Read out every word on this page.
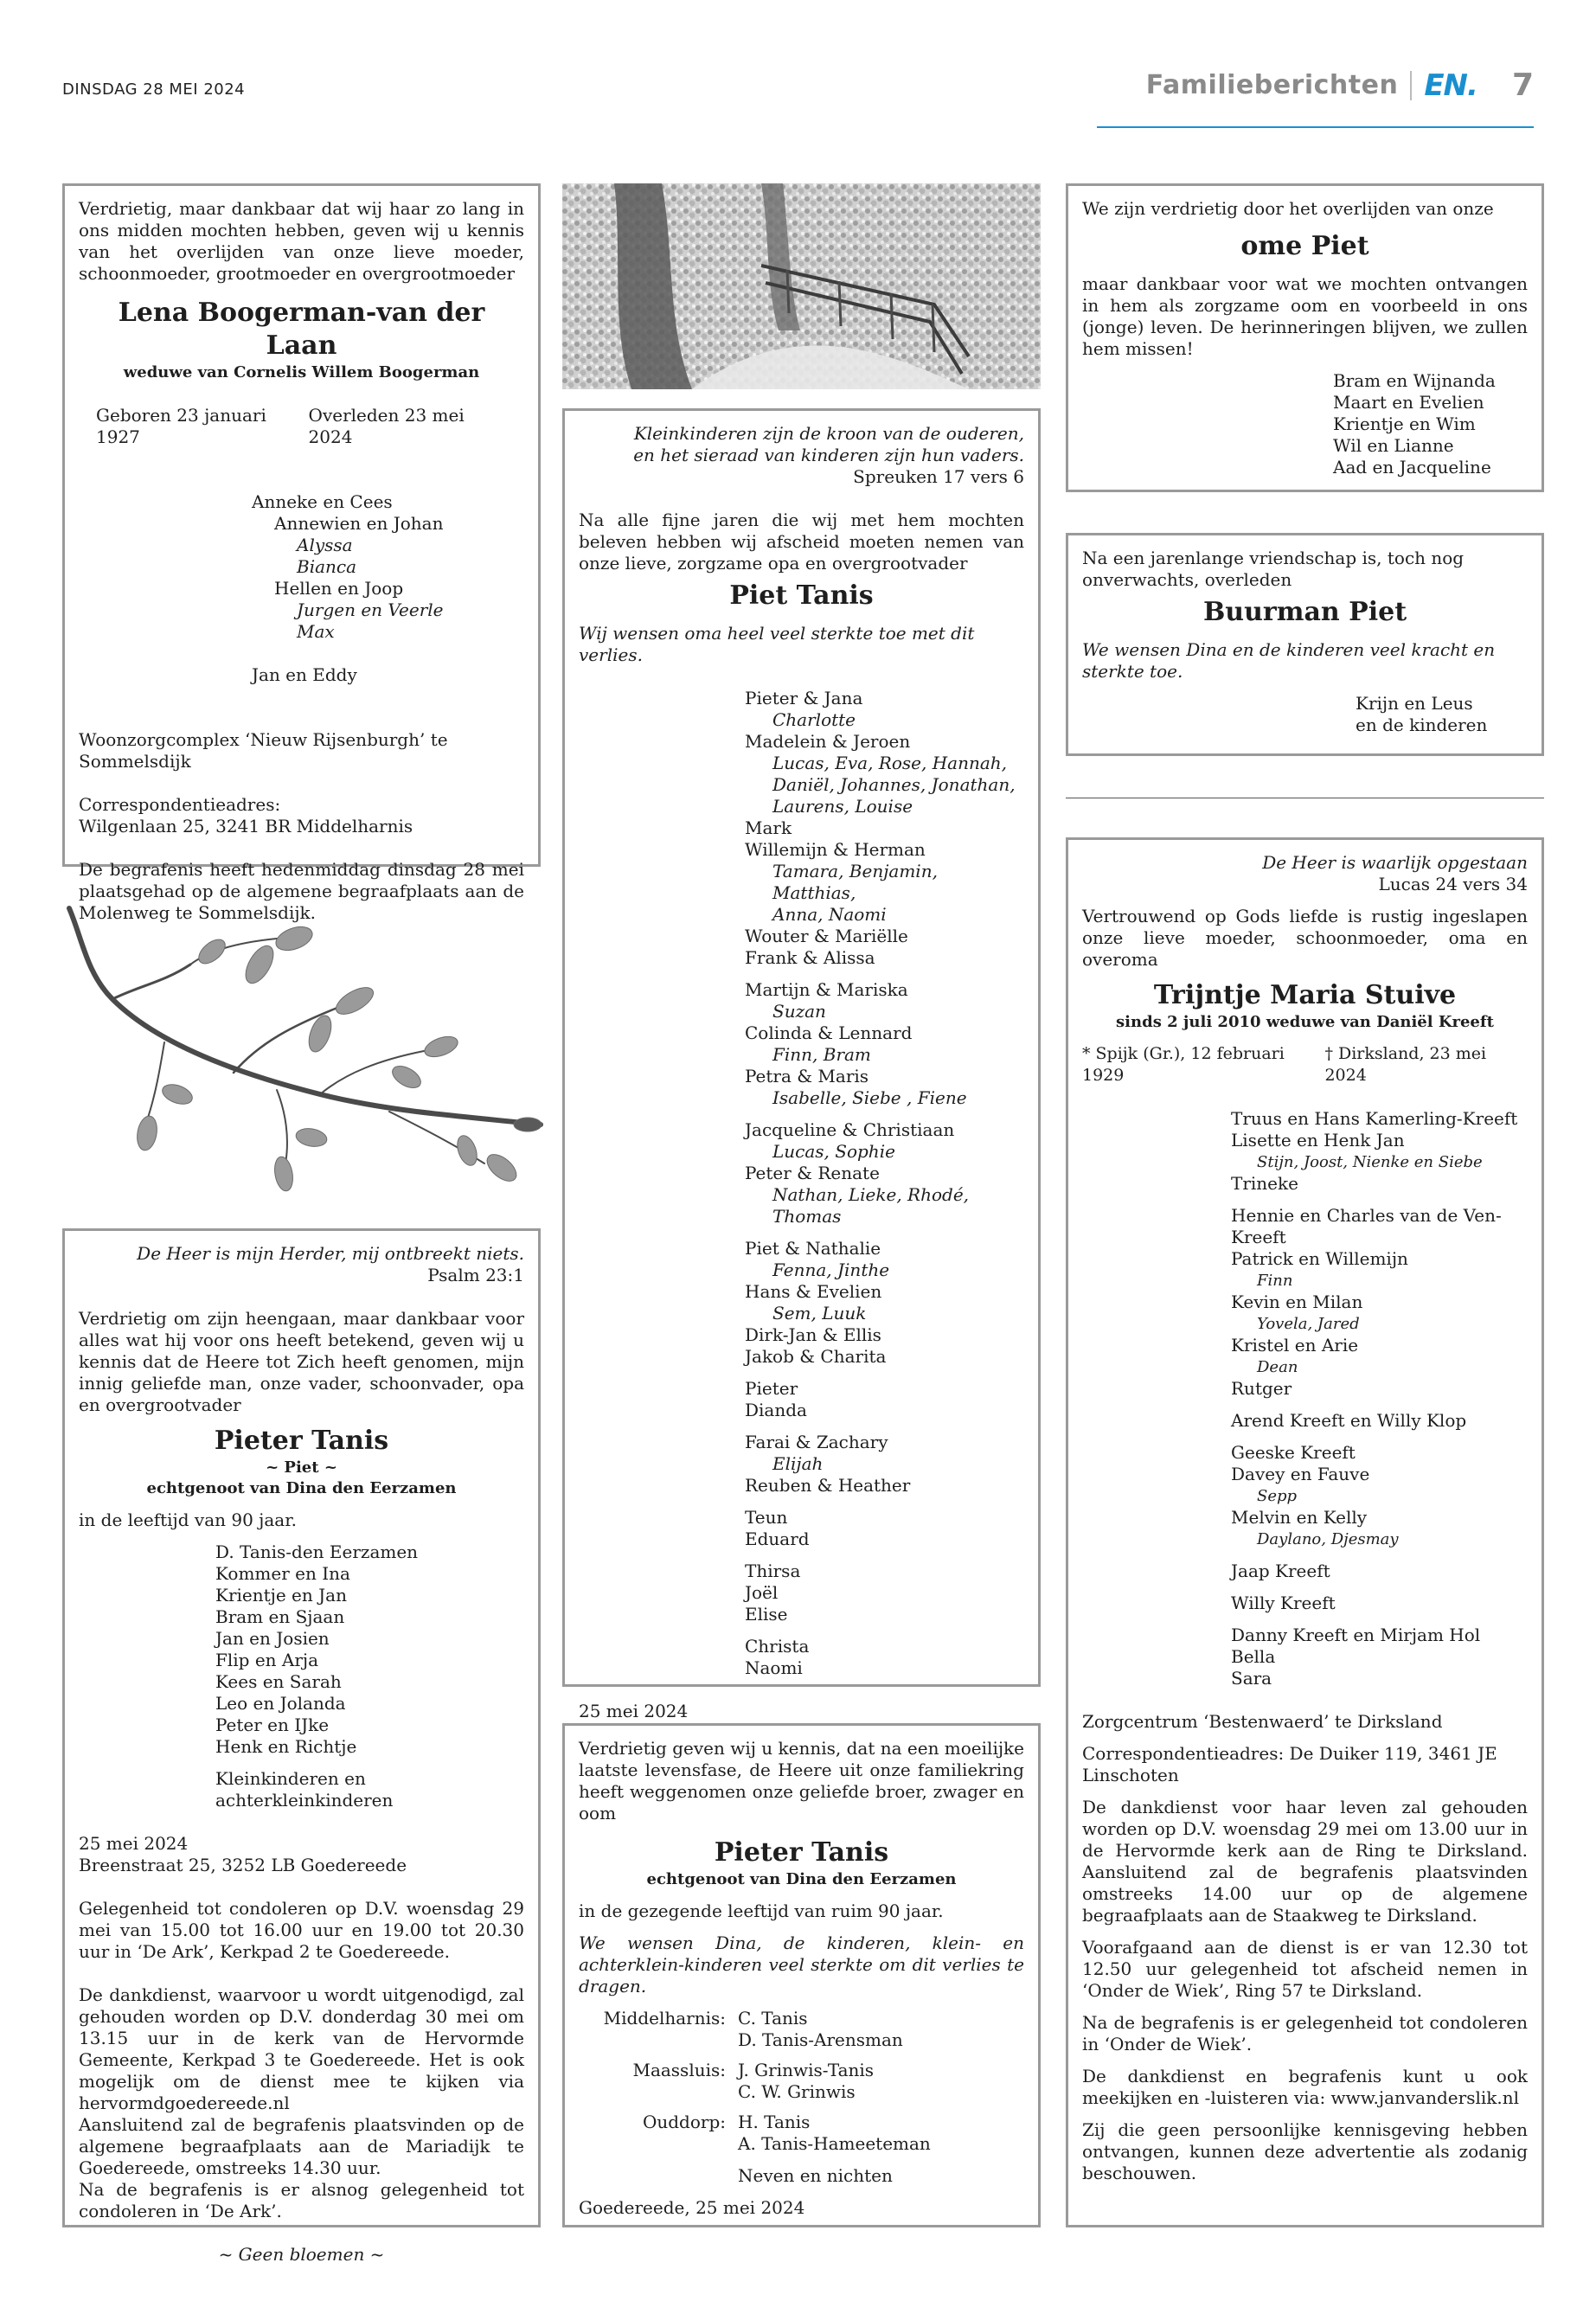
DINSDAG 28 MEI 2024	Familieberichten EN. 7

Verdrietig, maar dankbaar dat wij haar zo lang in ons midden mochten hebben, geven wij u kennis van het overlijden van onze lieve moeder, schoonmoeder, grootmoeder en overgrootmoeder

Lena Boogerman-van der Laan
weduwe van Cornelis Willem Boogerman
Geboren 23 januari 1927
Overleden 23 mei 2024
Anneke en Cees
Annewien en Johan
Alyssa
Bianca
Hellen en Joop
Jurgen en Veerle
Max
Jan en Eddy

Woonzorgcomplex ‘Nieuw Rijsenburgh’ te Sommelsdijk

Correspondentieadres:

Wilgenlaan 25, 3241 BR Middelharnis

De begrafenis heeft hedenmiddag dinsdag 28 mei plaatsgehad op de algemene begraafplaats aan de Molenweg te Sommelsdijk.

De Heer is mijn Herder, mij ontbreekt niets.

Psalm 23:1

Verdrietig om zijn heengaan, maar dankbaar voor alles wat hij voor ons heeft betekend, geven wij u kennis dat de Heere tot Zich heeft genomen, mijn innig geliefde man, onze vader, schoonvader, opa en overgrootvader

Pieter Tanis
~ Piet ~
echtgenoot van Dina den Eerzamen

in de leeftijd van 90 jaar.

D. Tanis-den Eerzamen
Kommer en Ina
Krientje en Jan
Bram en Sjaan
Jan en Josien
Flip en Arja
Kees en Sarah
Leo en Jolanda
Peter en IJke
Henk en Richtje

Kleinkinderen en achterkleinkinderen

25 mei 2024

Breenstraat 25, 3252 LB Goedereede

Gelegenheid tot condoleren op D.V. woensdag 29 mei van 15.00 tot 16.00 uur en 19.00 tot 20.30 uur in ‘De Ark’, Kerkpad 2 te Goedereede.

De dankdienst, waarvoor u wordt uitgenodigd, zal gehouden worden op D.V. donderdag 30 mei om 13.15 uur in de kerk van de Hervormde Gemeente, Kerkpad 3 te Goedereede. Het is ook mogelijk om de dienst mee te kijken via hervormdgoedereede.nl

Aansluitend zal de begrafenis plaatsvinden op de algemene begraafplaats aan de Mariadijk te Goedereede, omstreeks 14.30 uur.

Na de begrafenis is er alsnog gelegenheid tot condoleren in ‘De Ark’.

~ Geen bloemen ~

Kleinkinderen zijn de kroon van de ouderen,

en het sieraad van kinderen zijn hun vaders.

Spreuken 17 vers 6

Na alle fijne jaren die wij met hem mochten beleven hebben wij afscheid moeten nemen van onze lieve, zorgzame opa en overgrootvader

Piet Tanis

Wij wensen oma heel veel sterkte toe met dit verlies.

Pieter & Jana
Charlotte
Madelein & Jeroen
Lucas, Eva, Rose, Hannah,
Daniël, Johannes, Jonathan,
Laurens, Louise
Mark
Willemijn & Herman
Tamara, Benjamin, Matthias,
Anna, Naomi
Wouter & Mariëlle
Frank & Alissa
Martijn & Mariska
Suzan
Colinda & Lennard
Finn, Bram
Petra & Maris
Isabelle, Siebe , Fiene
Jacqueline & Christiaan
Lucas, Sophie
Peter & Renate
Nathan, Lieke, Rhodé, Thomas
Piet & Nathalie
Fenna, Jinthe
Hans & Evelien
Sem, Luuk
Dirk-Jan & Ellis
Jakob & Charita
Pieter
Dianda
Farai & Zachary
Elijah
Reuben & Heather
Teun
Eduard
Thirsa
Joël
Elise
Christa
Naomi

25 mei 2024

Verdrietig geven wij u kennis, dat na een moeilijke laatste levensfase, de Heere uit onze familiekring heeft weggenomen onze geliefde broer, zwager en oom

Pieter Tanis
echtgenoot van Dina den Eerzamen

in de gezegende leeftijd van ruim 90 jaar.

We wensen Dina, de kinderen, klein- en achterklein-kinderen veel sterkte om dit verlies te dragen.

Middelharnis: C. Tanis
D. Tanis-Arensman
Maassluis: J. Grinwis-Tanis
C. W. Grinwis
Ouddorp: H. Tanis
A. Tanis-Hameeteman

Neven en nichten

Goedereede, 25 mei 2024

We zijn verdrietig door het overlijden van onze

ome Piet

maar dankbaar voor wat we mochten ontvangen in hem als zorgzame oom en voorbeeld in ons (jonge) leven. De herinneringen blijven, we zullen hem missen!

Bram en Wijnanda
Maart en Evelien
Krientje en Wim
Wil en Lianne
Aad en Jacqueline

Na een jarenlange vriendschap is, toch nog onverwachts, overleden

Buurman Piet

We wensen Dina en de kinderen veel kracht en sterkte toe.

Krijn en Leus
en de kinderen

De Heer is waarlijk opgestaan

Lucas 24 vers 34

Vertrouwend op Gods liefde is rustig ingeslapen onze lieve moeder, schoonmoeder, oma en overoma

Trijntje Maria Stuive
sinds 2 juli 2010 weduwe van Daniël Kreeft
* Spijk (Gr.), 12 februari 1929
† Dirksland, 23 mei 2024
Truus en Hans Kamerling-Kreeft
Lisette en Henk Jan
Stijn, Joost, Nienke en Siebe
Trineke
Hennie en Charles van de Ven-Kreeft
Patrick en Willemijn
Finn
Kevin en Milan
Yovela, Jared
Kristel en Arie
Dean
Rutger
Arend Kreeft en Willy Klop
Geeske Kreeft
Davey en Fauve
Sepp
Melvin en Kelly
Daylano, Djesmay
Jaap Kreeft
Willy Kreeft
Danny Kreeft en Mirjam Hol
Bella
Sara

Zorgcentrum ‘Bestenwaerd’ te Dirksland

Correspondentieadres: De Duiker 119, 3461 JE Linschoten

De dankdienst voor haar leven zal gehouden worden op D.V. woensdag 29 mei om 13.00 uur in de Hervormde kerk aan de Ring te Dirksland. Aansluitend zal de begrafenis plaatsvinden omstreeks 14.00 uur op de algemene begraafplaats aan de Staakweg te Dirksland.

Voorafgaand aan de dienst is er van 12.30 tot 12.50 uur gelegenheid tot afscheid nemen in ‘Onder de Wiek’, Ring 57 te Dirksland.

Na de begrafenis is er gelegenheid tot condoleren in ‘Onder de Wiek’.

De dankdienst en begrafenis kunt u ook meekijken en -luisteren via: www.janvanderslik.nl

Zij die geen persoonlijke kennisgeving hebben ontvangen, kunnen deze advertentie als zodanig beschouwen.
